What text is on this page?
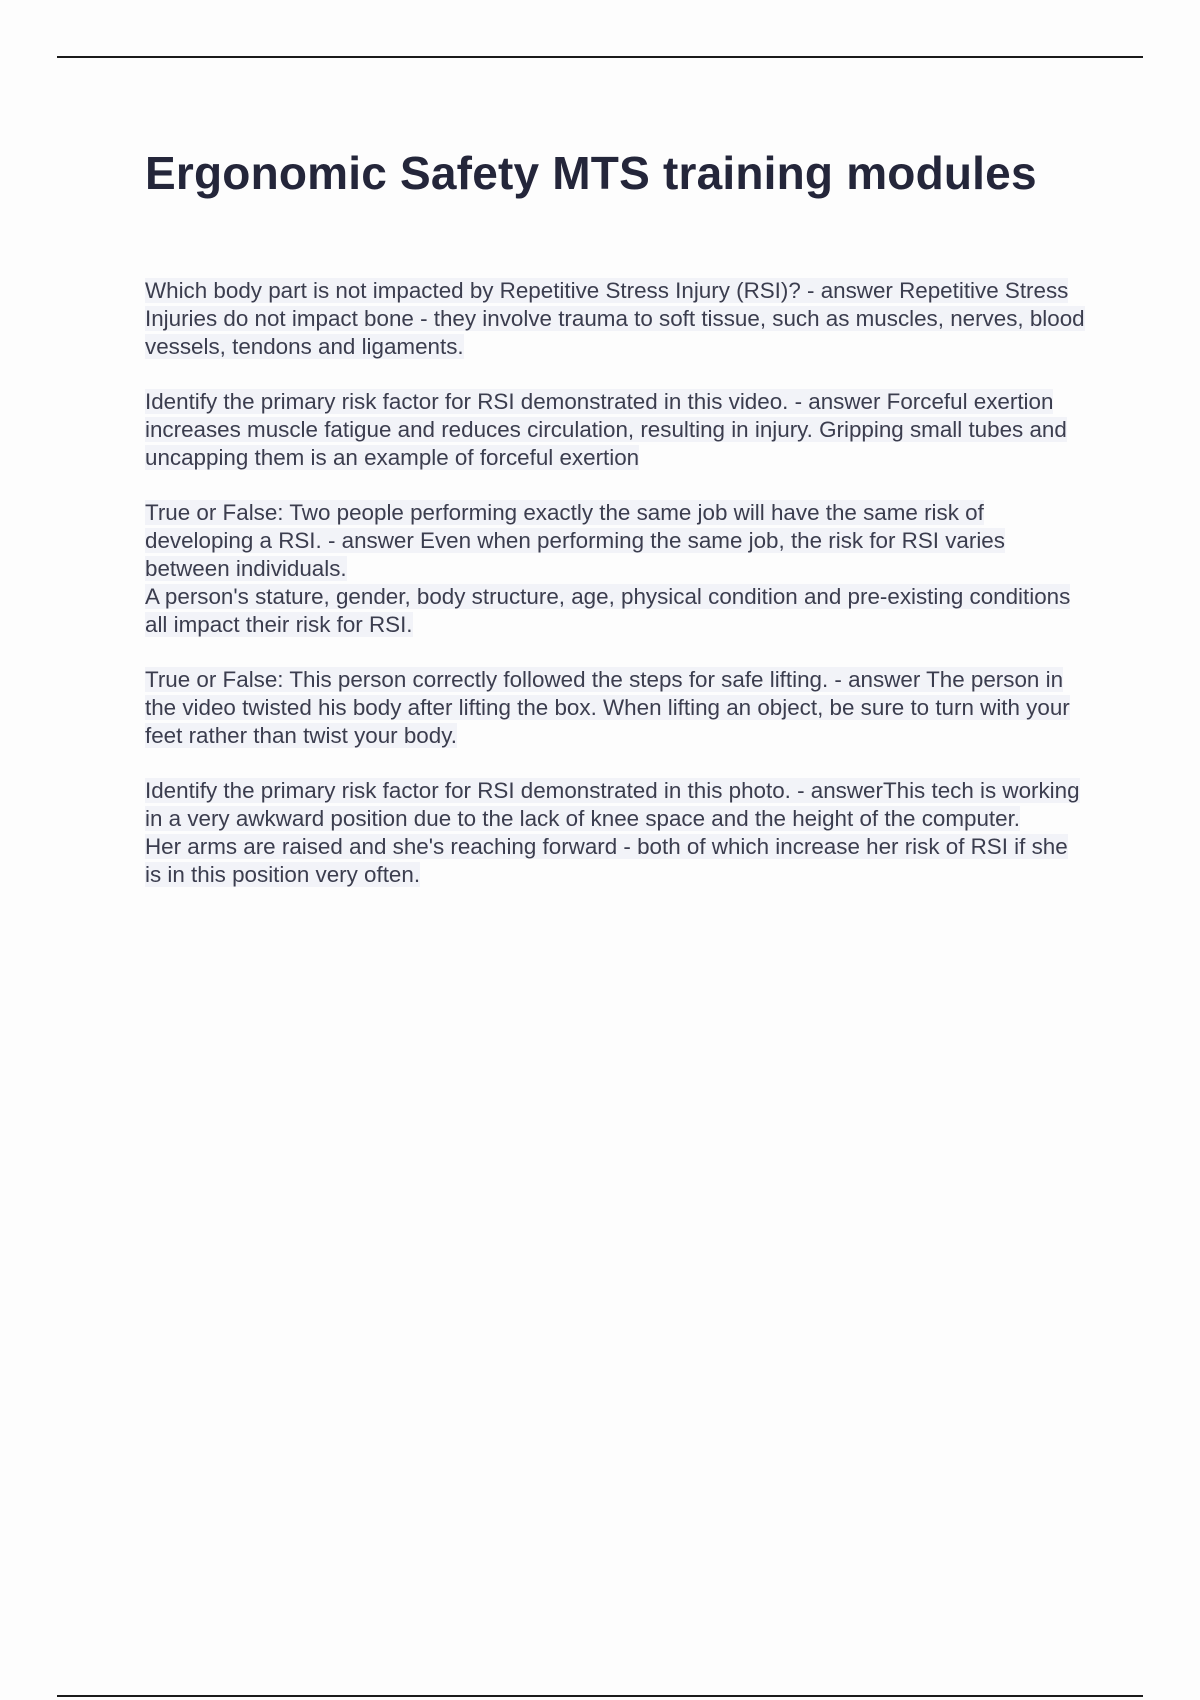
Ergonomic Safety MTS training modules

Which body part is not impacted by Repetitive Stress Injury (RSI)? - answer Repetitive Stress Injuries do not impact bone - they involve trauma to soft tissue, such as muscles, nerves, blood vessels, tendons and ligaments.

Identify the primary risk factor for RSI demonstrated in this video. - answer Forceful exertion increases muscle fatigue and reduces circulation, resulting in injury. Gripping small tubes and uncapping them is an example of forceful exertion

True or False: Two people performing exactly the same job will have the same risk of developing a RSI. - answer Even when performing the same job, the risk for RSI varies between individuals.

A person's stature, gender, body structure, age, physical condition and pre-existing conditions all impact their risk for RSI.

True or False: This person correctly followed the steps for safe lifting. - answer The person in the video twisted his body after lifting the box. When lifting an object, be sure to turn with your feet rather than twist your body.

Identify the primary risk factor for RSI demonstrated in this photo. - answerThis tech is working in a very awkward position due to the lack of knee space and the height of the computer.

Her arms are raised and she's reaching forward - both of which increase her risk of RSI if she is in this position very often.
